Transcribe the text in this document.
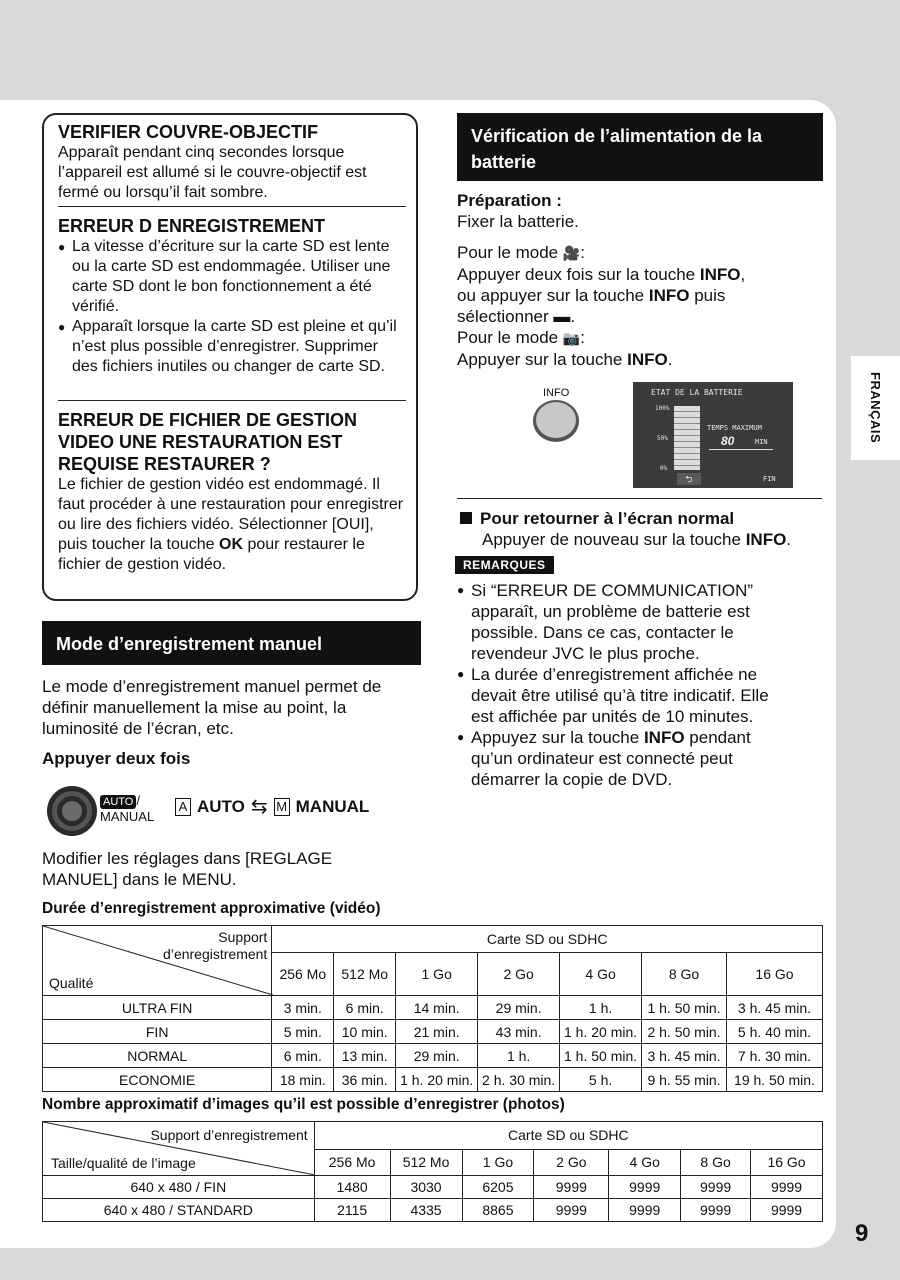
FRANÇAIS
9
VERIFIER COUVRE-OBJECTIF

Apparaît pendant cinq secondes lorsque l’appareil est allumé si le couvre-objectif est fermé ou lorsqu’il fait sombre.

ERREUR D ENREGISTREMENT
● La vitesse d’écriture sur la carte SD est lente ou la carte SD est endommagée. Utiliser une carte SD dont le bon fonctionnement a été vérifié.
● Apparaît lorsque la carte SD est pleine et qu’il n’est plus possible d’enregistrer. Supprimer des fichiers inutiles ou changer de carte SD.
ERREUR DE FICHIER DE GESTION VIDEO UNE RESTAURATION EST REQUISE RESTAURER ?

Le fichier de gestion vidéo est endommagé. Il faut procéder à une restauration pour enregistrer ou lire des fichiers vidéo. Sélectionner [OUI], puis toucher la touche OK pour restaurer le fichier de gestion vidéo.

Mode d’enregistrement manuel
Le mode d’enregistrement manuel permet de définir manuellement la mise au point, la luminosité de l’écran, etc.
Appuyer deux fois
AUTO /
MANUAL
A AUTO ⇆ M MANUAL
Modifier les réglages dans [REGLAGE MANUEL] dans le MENU.
Vérification de l’alimentation de la batterie

Préparation :

Fixer la batterie.

Pour le mode 🎥:

Appuyer deux fois sur la touche INFO,

ou appuyer sur la touche INFO puis

sélectionner ▬.

Pour le mode 📷:

Appuyer sur la touche INFO.

INFO	ETAT DE LA BATTERIE
100%
50%
0%
TEMPS MAXIMUM
80	MIN
⮌	FIN
Pour retourner à l’écran normal
Appuyer de nouveau sur la touche INFO.
REMARQUES
● Si “ERREUR DE COMMUNICATION” apparaît, un problème de batterie est possible. Dans ce cas, contacter le revendeur JVC le plus proche.
● La durée d’enregistrement affichée ne devait être utilisé qu’à titre indicatif. Elle est affichée par unités de 10 minutes.
● Appuyez sur la touche INFO pendant qu’un ordinateur est connecté peut démarrer la copie de DVD.
Durée d’enregistrement approximative (vidéo)
Support
d’enregistrement
Qualité	Carte SD ou SDHC						
	256 Mo	512 Mo	1 Go	2 Go	4 Go	8 Go	16 Go
ULTRA FIN	3 min.	6 min.	14 min.	29 min.	1 h.	1 h. 50 min.	3 h. 45 min.
FIN	5 min.	10 min.	21 min.	43 min.	1 h. 20 min.	2 h. 50 min.	5 h. 40 min.
NORMAL	6 min.	13 min.	29 min.	1 h.	1 h. 50 min.	3 h. 45 min.	7 h. 30 min.
ECONOMIE	18 min.	36 min.	1 h. 20 min.	2 h. 30 min.	5 h.	9 h. 55 min.	19 h. 50 min.
Nombre approximatif d’images qu’il est possible d’enregistrer (photos)
Support d’enregistrement
Taille/qualité de l’image	Carte SD ou SDHC						
	256 Mo	512 Mo	1 Go	2 Go	4 Go	8 Go	16 Go
640 x 480 / FIN	1480	3030	6205	9999	9999	9999	9999
640 x 480 / STANDARD	2115	4335	8865	9999	9999	9999	9999
